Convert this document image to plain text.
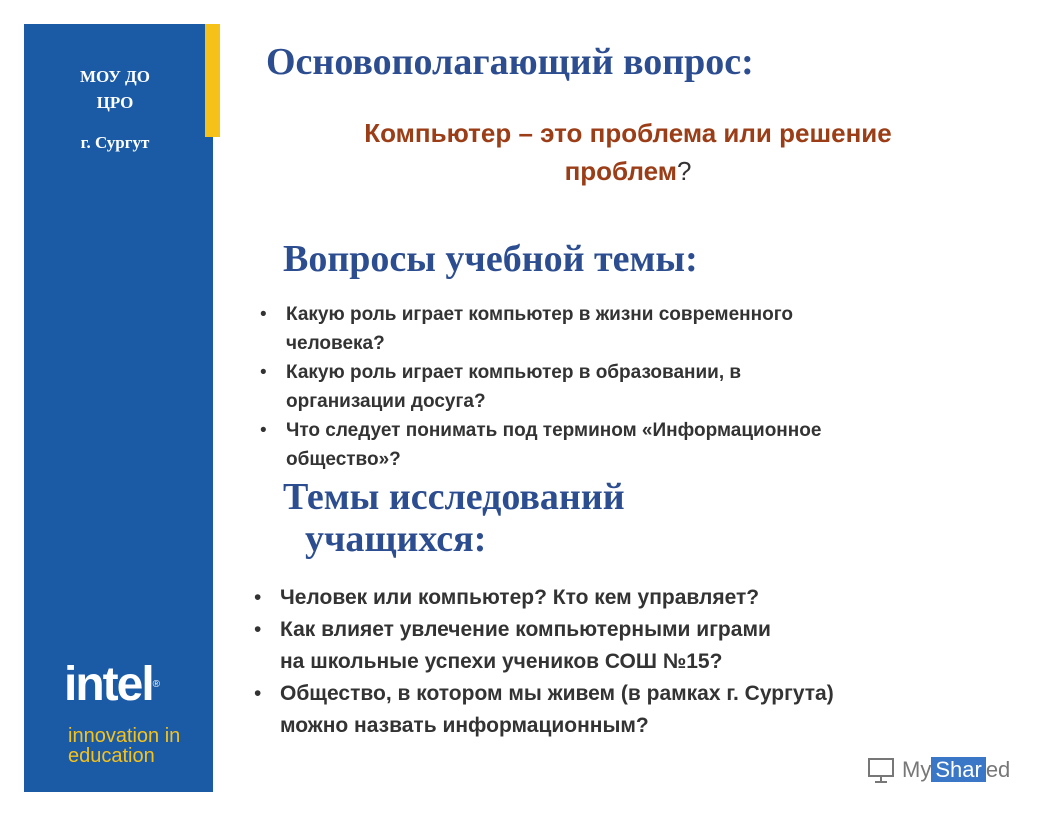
МОУ ДО
ЦРО
г. Сургут
intel®
innovation in
education
Основополагающий вопрос:
Компьютер – это проблема или решение
проблем?
Вопросы учебной темы:
• Какую роль играет компьютер в жизни современного
человека?
• Какую роль играет компьютер в образовании, в
организации досуга?
• Что следует понимать под термином «Информационное
общество»?
Темы исследований
учащихся:
• Человек или компьютер? Кто кем управляет?
• Как влияет увлечение компьютерными играми
на школьные успехи учеников СОШ №15?
• Общество, в котором мы живем (в рамках г. Сургута)
можно назвать информационным?
My Shar ed
